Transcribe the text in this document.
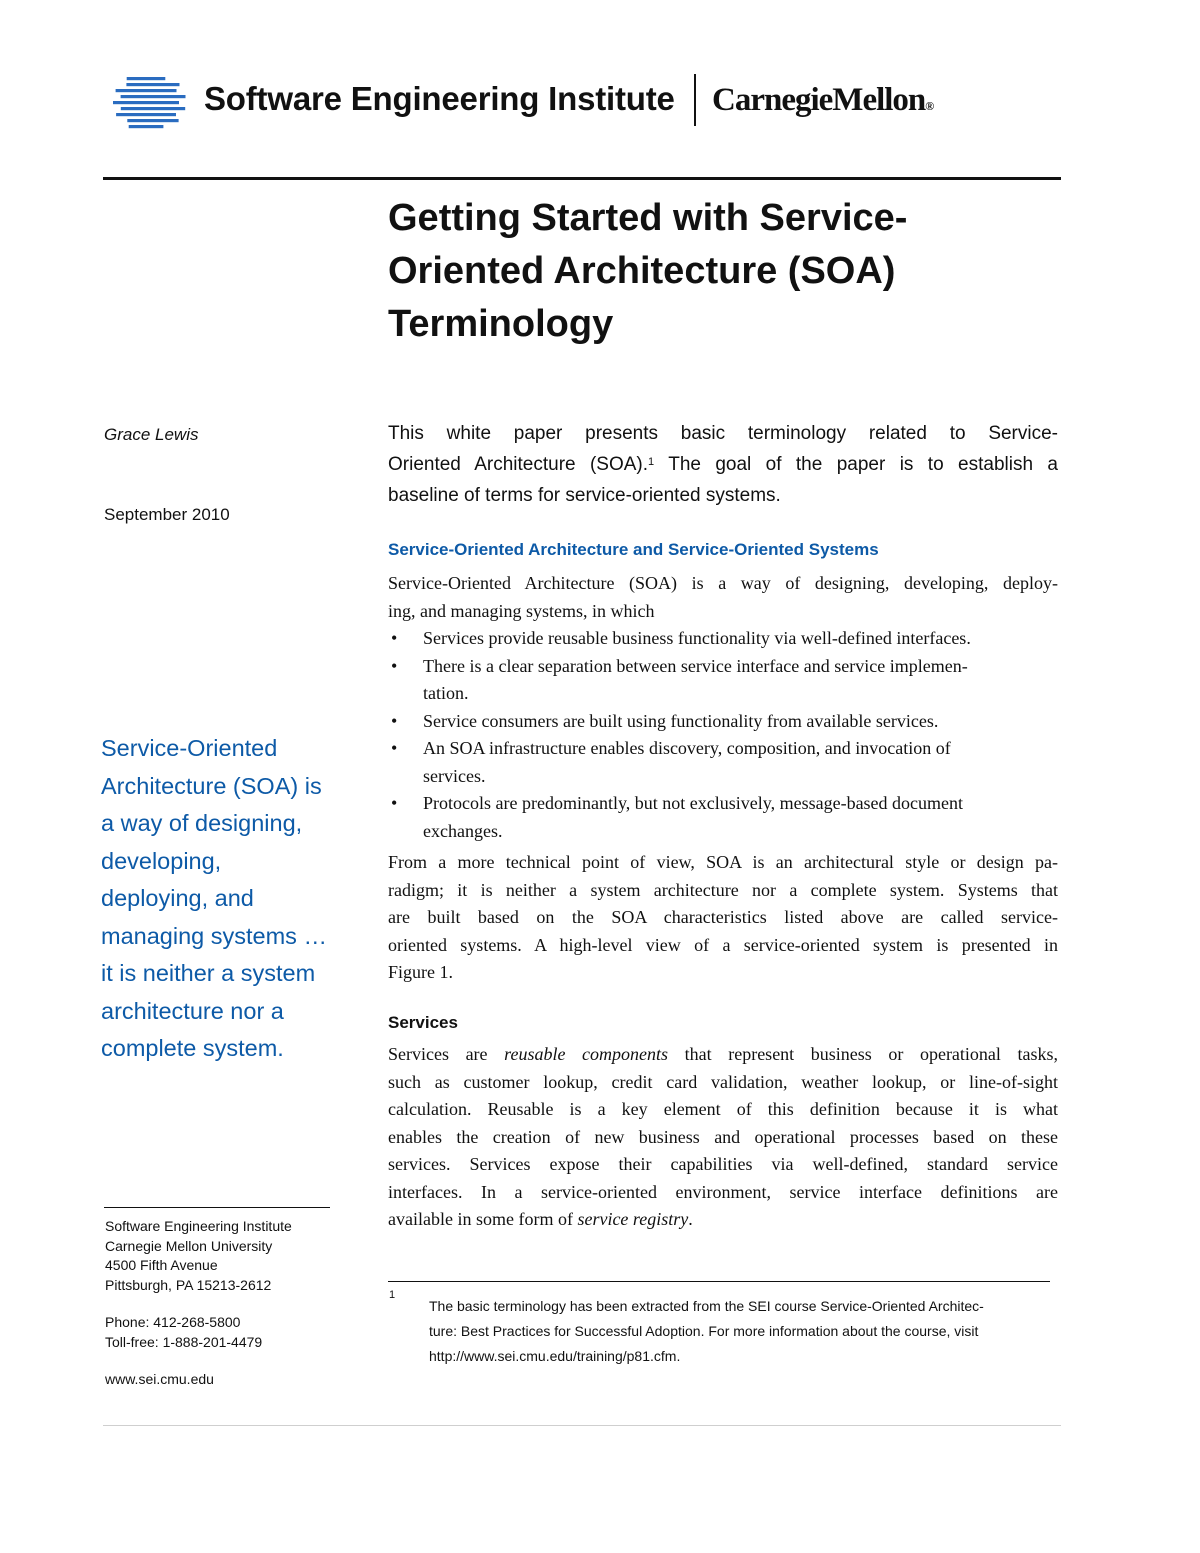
Software Engineering Institute CarnegieMellon®
Getting Started with Service-
Oriented Architecture (SOA)
Terminology
Grace Lewis
September 2010
Service-Oriented
Architecture (SOA) is
a way of designing,
developing,
deploying, and
managing systems …
it is neither a system
architecture nor a
complete system.
Software Engineering Institute
Carnegie Mellon University
4500 Fifth Avenue
Pittsburgh, PA 15213-2612
Phone: 412-268-5800
Toll-free: 1-888-201-4479
www.sei.cmu.edu
This white paper presents basic terminology related to Service-
Oriented Architecture (SOA).$^1$ The goal of the paper is to establish a
baseline of terms for service-oriented systems.
Service-Oriented Architecture and Service-Oriented Systems
Service-Oriented Architecture (SOA) is a way of designing, developing, deploy-
ing, and managing systems, in which
• Services provide reusable business functionality via well-defined interfaces.
• There is a clear separation between service interface and service implemen-
tation.
• Service consumers are built using functionality from available services.
• An SOA infrastructure enables discovery, composition, and invocation of
services.
• Protocols are predominantly, but not exclusively, message-based document
exchanges.
From a more technical point of view, SOA is an architectural style or design pa-
radigm; it is neither a system architecture nor a complete system. Systems that
are built based on the SOA characteristics listed above are called service-
oriented systems. A high-level view of a service-oriented system is presented in
Figure 1.
Services
Services are reusable components that represent business or operational tasks,
such as customer lookup, credit card validation, weather lookup, or line-of-sight
calculation. Reusable is a key element of this definition because it is what
enables the creation of new business and operational processes based on these
services. Services expose their capabilities via well-defined, standard service
interfaces. In a service-oriented environment, service interface definitions are
available in some form of service registry.
1
The basic terminology has been extracted from the SEI course Service-Oriented Architec-
ture: Best Practices for Successful Adoption. For more information about the course, visit
http://www.sei.cmu.edu/training/p81.cfm.
